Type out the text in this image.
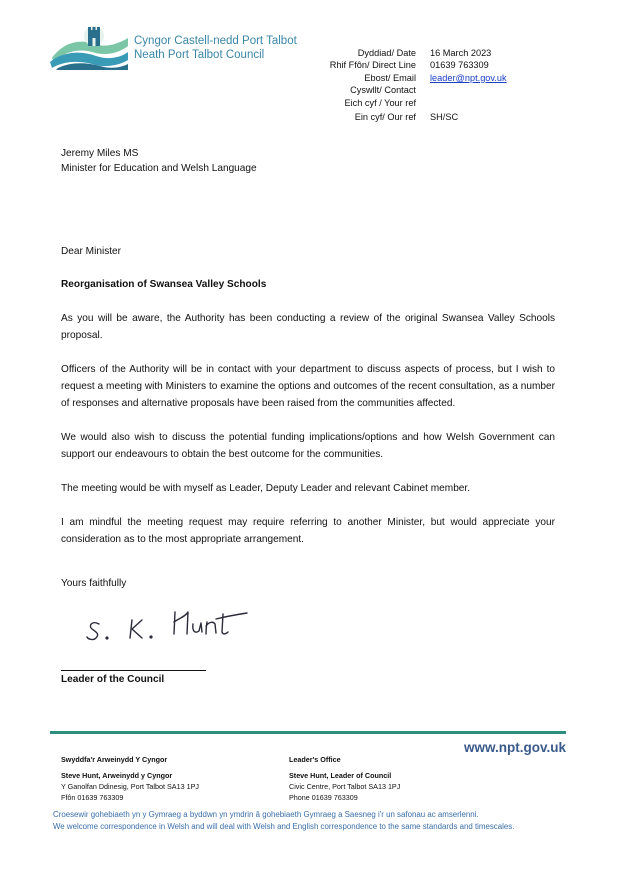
Cyngor Castell-nedd Port Talbot
Neath Port Talbot Council	Dyddiad/ Date	16 March 2023
Rhif Ffôn/ Direct Line	01639 763309
Ebost/ Email	leader@npt.gov.uk
Cyswllt/ Contact
Eich cyf / Your ref
Ein cyf/ Our ref	SH/SC
Jeremy Miles MS
Minister for Education and Welsh Language
Dear Minister
Reorganisation of Swansea Valley Schools

As you will be aware, the Authority has been conducting a review of the original Swansea Valley Schools proposal.

Officers of the Authority will be in contact with your department to discuss aspects of process, but I wish to request a meeting with Ministers to examine the options and outcomes of the recent consultation, as a number of responses and alternative proposals have been raised from the communities affected.

We would also wish to discuss the potential funding implications/options and how Welsh Government can support our endeavours to obtain the best outcome for the communities.

The meeting would be with myself as Leader, Deputy Leader and relevant Cabinet member.

I am mindful the meeting request may require referring to another Minister, but would appreciate your consideration as to the most appropriate arrangement.

Yours faithfully
Leader of the Council
www.npt.gov.uk
Swyddfa'r Arweinydd Y Cyngor
Steve Hunt, Arweinydd y Cyngor
Y Ganolfan Ddinesig, Port Talbot SA13 1PJ
Ffôn 01639 763309
Leader's Office
Steve Hunt, Leader of Council
Civic Centre, Port Talbot SA13 1PJ
Phone 01639 763309
Croesewir gohebiaeth yn y Gymraeg a byddwn yn ymdrin â gohebiaeth Gymraeg a Saesneg i'r un safonau ac amserlenni.
We welcome correspondence in Welsh and will deal with Welsh and English correspondence to the same standards and timescales.
